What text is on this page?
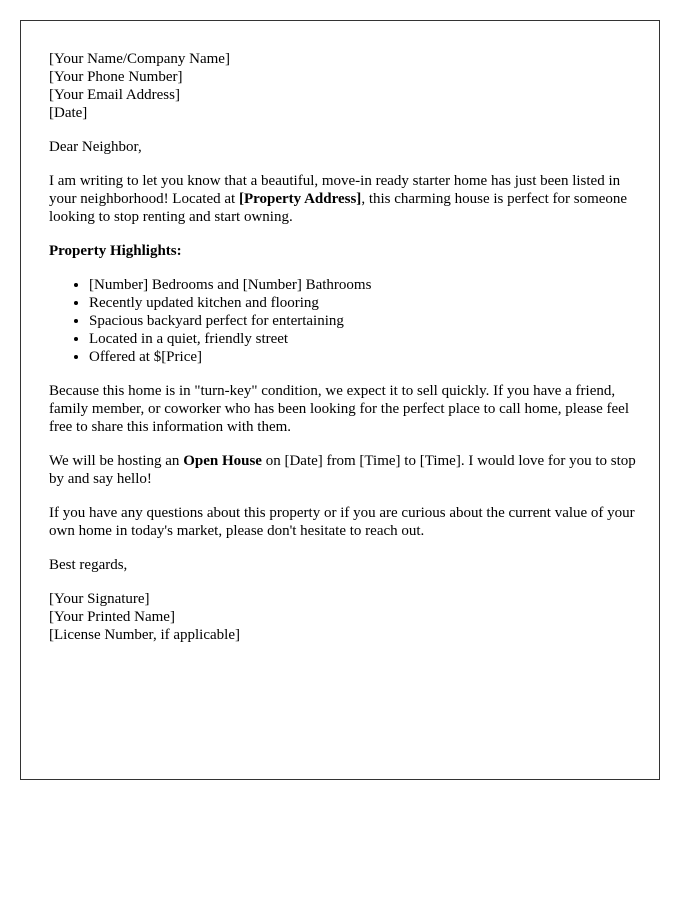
[Your Name/Company Name]
[Your Phone Number]
[Your Email Address]
[Date]

Dear Neighbor,

I am writing to let you know that a beautiful, move-in ready starter home has just been listed in your neighborhood! Located at [Property Address], this charming house is perfect for someone looking to stop renting and start owning.

Property Highlights:

• [Number] Bedrooms and [Number] Bathrooms
• Recently updated kitchen and flooring
• Spacious backyard perfect for entertaining
• Located in a quiet, friendly street
• Offered at $[Price]

Because this home is in "turn-key" condition, we expect it to sell quickly. If you have a friend, family member, or coworker who has been looking for the perfect place to call home, please feel free to share this information with them.

We will be hosting an Open House on [Date] from [Time] to [Time]. I would love for you to stop by and say hello!

If you have any questions about this property or if you are curious about the current value of your own home in today's market, please don't hesitate to reach out.

Best regards,

[Your Signature]
[Your Printed Name]
[License Number, if applicable]
